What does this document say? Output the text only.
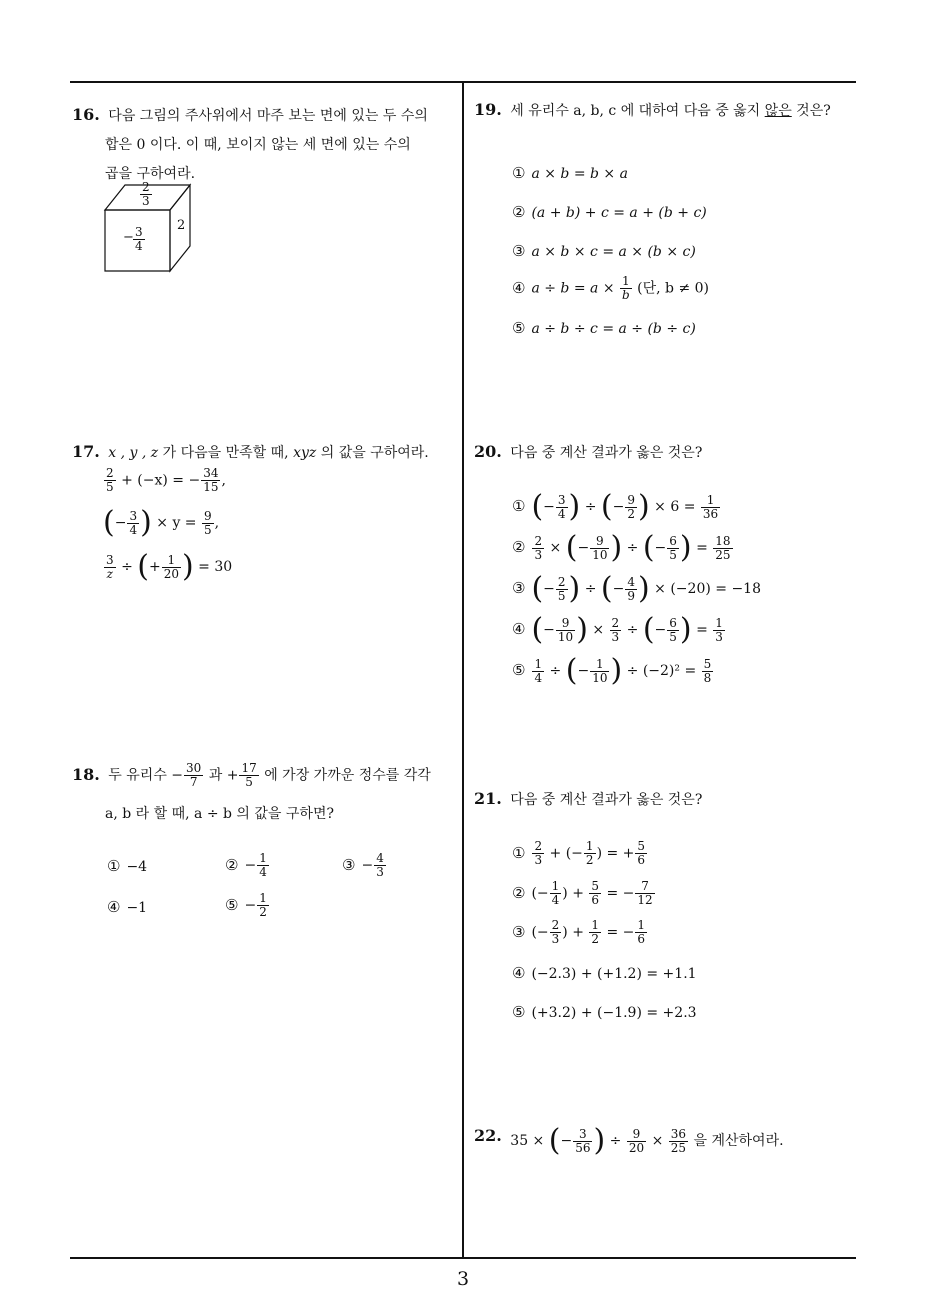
16. 다음 그림의 주사위에서 마주 보는 면에 있는 두 수의
합은 0 이다. 이 때, 보이지 않는 세 면에 있는 수의
곱을 구하여라.
$\frac{2}{3}$
− $\frac{3}{4}$
2
17. x , y , z 가 다음을 만족할 때, xyz 의 값을 구하여라.
$\frac{2}{5} + (-x)$ = − $\frac{34}{15}$ ,
(− $\frac{3}{4}$ ) × $y = \frac{9}{5}$ ,
$\frac{3}{z}$ ÷ (+ $\frac{1}{20}$ ) = 30
18. 두 유리수 − $\frac{30}{7}$ 과 + $\frac{17}{5}$ 에 가장 가까운 정수를 각각
a, b 라 할 때, a ÷ b 의 값을 구하면?
① −4	② − $\frac{1}{4}$	③ − $\frac{4}{3}$
④ −1	⑤ − $\frac{1}{2}$
19. 세 유리수 a, b, c 에 대하여 다음 중 옳지 않은 것은?
① a × b = b × a
② (a + b) + c = a + (b + c)
③ a × b × c = a × (b × c)
④ $a \div b = a \times \frac{1}{b}$ (단, b ≠ 0)
⑤ a ÷ b ÷ c = a ÷ (b ÷ c)
20. 다음 중 계산 결과가 옳은 것은?
① (− $\frac{3}{4}$ ) ÷ (− $\frac{9}{2}$ ) × $6 = \frac{1}{36}$
② $\frac{2}{3}$ × (− $\frac{9}{10}$ ) ÷ (− $\frac{6}{5}$ ) = $\frac{18}{25}$
③ (− $\frac{2}{5}$ ) ÷ (− $\frac{4}{9}$ ) × (−20) = −18
④ (− $\frac{9}{10}$ ) × $\frac{2}{3}$ ÷ (− $\frac{6}{5}$ ) = $\frac{1}{3}$
⑤ $\frac{1}{4}$ ÷ (− $\frac{1}{10}$ ) ÷ $(-2)^2 = \frac{5}{8}$
21. 다음 중 계산 결과가 옳은 것은?
① $\frac{2}{3}$ + (− $\frac{1}{2}$ ) = + $\frac{5}{6}$
② (− $\frac{1}{4}$ ) + $\frac{5}{6}$ = − $\frac{7}{12}$
③ (− $\frac{2}{3}$ ) + $\frac{1}{2}$ = − $\frac{1}{6}$
④ (−2.3) + (+1.2) = +1.1
⑤ (+3.2) + (−1.9) = +2.3
22. 35 × (− $\frac{3}{56}$ ) ÷ $\frac{9}{20} \times \frac{36}{25}$ 을 계산하여라.
3
